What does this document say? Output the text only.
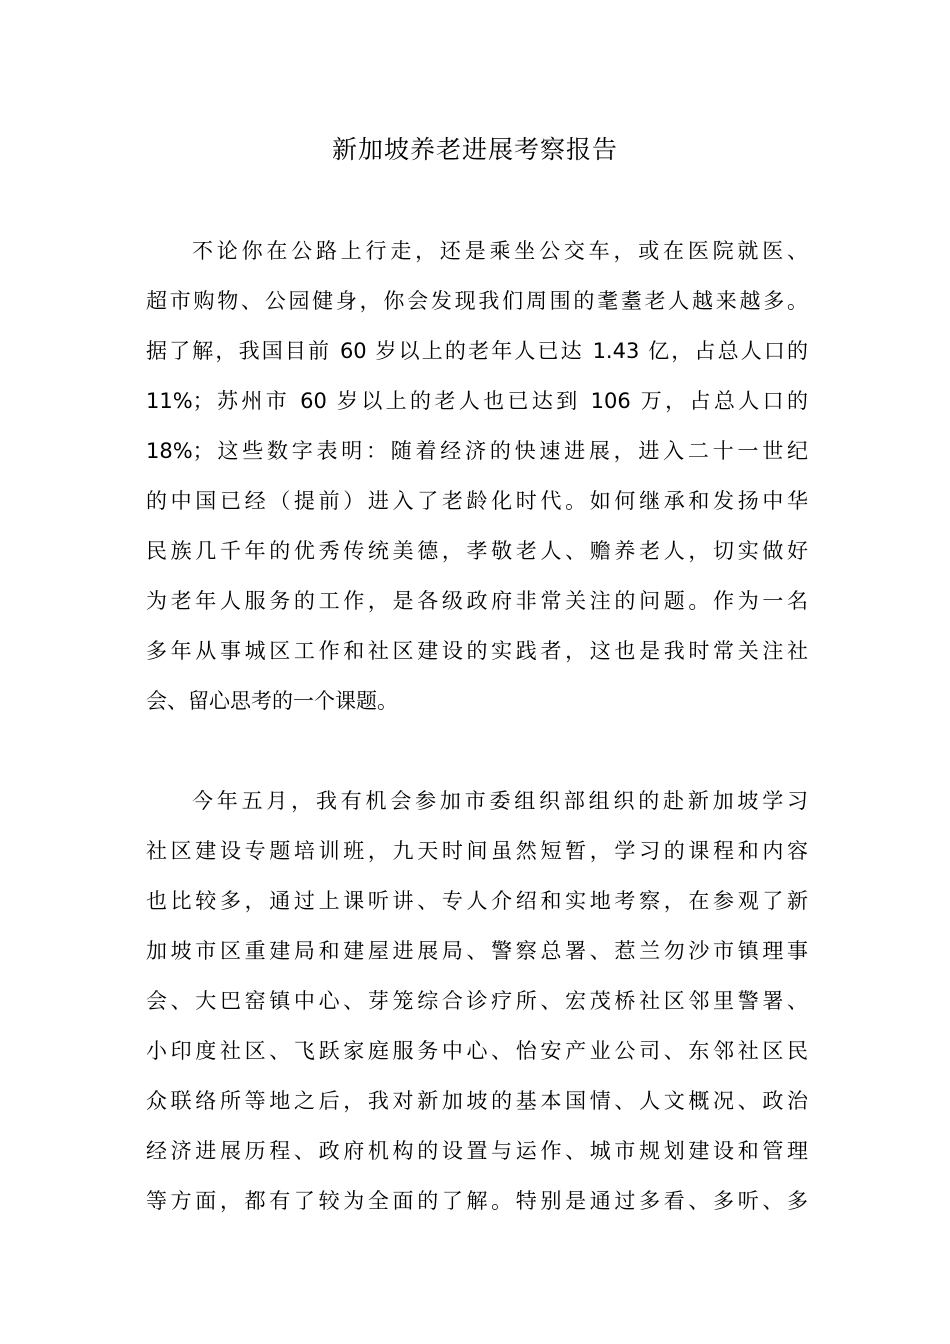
新加坡养老进展考察报告
不论你在公路上行走，还是乘坐公交车，或在医院就医、
超市购物、公园健身，你会发现我们周围的耄耋老人越来越多。
据了解，我国目前 60 岁以上的老年人已达 1.43 亿，占总人口的
11%；苏州市 60 岁以上的老人也已达到 106 万，占总人口的
18%；这些数字表明：随着经济的快速进展，进入二十一世纪
的中国已经（提前）进入了老龄化时代。如何继承和发扬中华
民族几千年的优秀传统美德，孝敬老人、赡养老人，切实做好
为老年人服务的工作，是各级政府非常关注的问题。作为一名
多年从事城区工作和社区建设的实践者，这也是我时常关注社
会、留心思考的一个课题。
今年五月，我有机会参加市委组织部组织的赴新加坡学习
社区建设专题培训班，九天时间虽然短暂，学习的课程和内容
也比较多，通过上课听讲、专人介绍和实地考察，在参观了新
加坡市区重建局和建屋进展局、警察总署、惹兰勿沙市镇理事
会、大巴窑镇中心、芽笼综合诊疗所、宏茂桥社区邻里警署、
小印度社区、飞跃家庭服务中心、怡安产业公司、东邻社区民
众联络所等地之后，我对新加坡的基本国情、人文概况、政治
经济进展历程、政府机构的设置与运作、城市规划建设和管理
等方面，都有了较为全面的了解。特别是通过多看、多听、多
